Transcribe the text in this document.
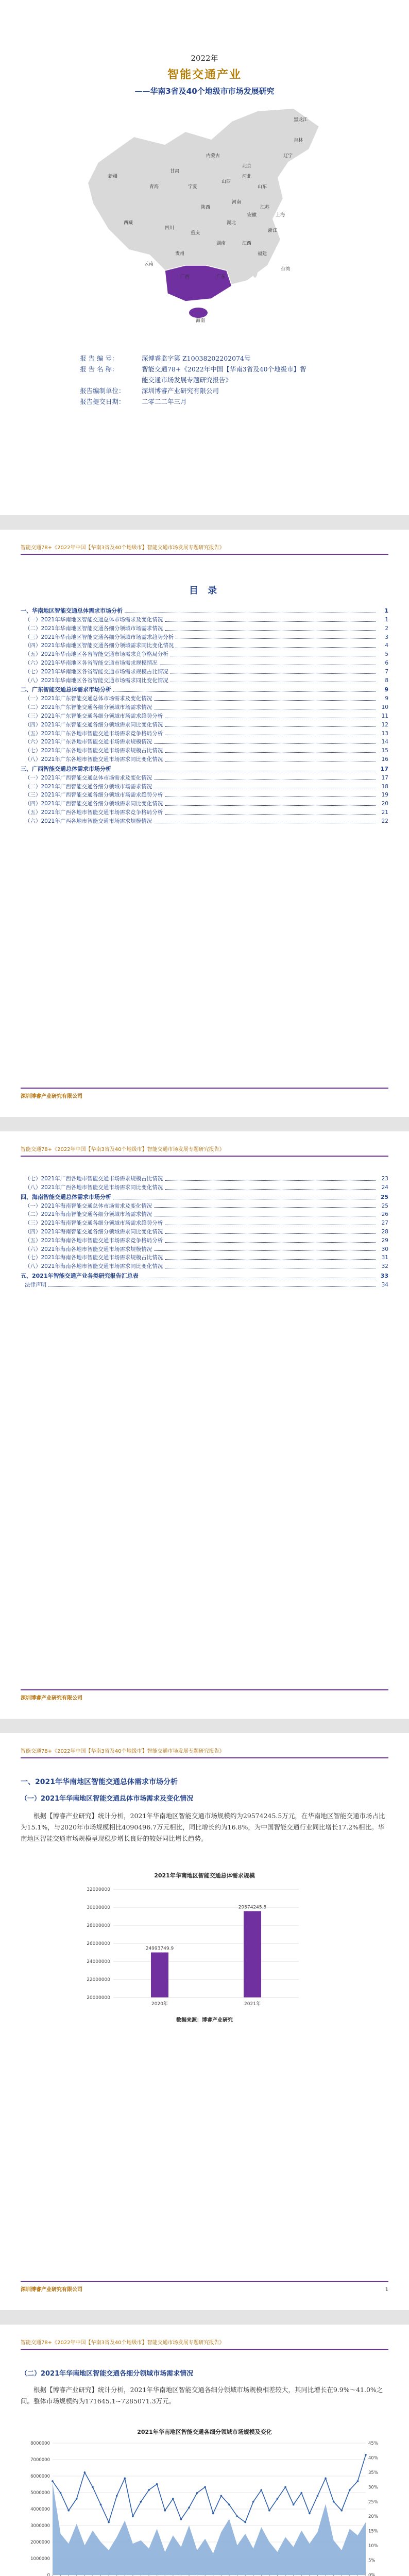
2022年
智能交通产业
——华南3省及40个地级市市场发展研究
新疆
西藏
青海
四川
甘肃
内蒙古
黑龙江
吉林
辽宁
北京
河北
山东
河南
湖北
湖南	江西
浙江
福建
台湾
广东
广西
海南
云南
贵州
重庆
陕西
山西
宁夏
安徽
江苏
上海
报 告 编 号：	深博睿监字第 Z10038202202074号
报 告 名 称：	智能交通78+《2022年中国【华南3省及40个地级市】智能交通市场发展专题研究报告》
报告编制单位：	深圳博睿产业研究有限公司
报告提交日期：	二零二二年三月
智能交通78+《2022年中国【华南3省及40个地级市】智能交通市场发展专题研究报告》
目 录
一、华南地区智能交通总体需求市场分析	1
（一）2021年华南地区智能交通总体市场需求及变化情况	1
（二）2021年华南地区智能交通各细分领域市场需求情况	2
（三）2021年华南地区智能交通各细分领域市场需求趋势分析	3
（四）2021年华南地区智能交通各细分领域需求同比变化情况	4
（五）2021年华南地区各省智能交通市场需求竞争格局分析	5
（六）2021年华南地区各省智能交通市场需求规模情况	6
（七）2021年华南地区各省智能交通市场需求规模占比情况	7
（八）2021年华南地区各省智能交通市场需求同比变化情况	8
二、广东智能交通总体需求市场分析	9
（一）2021年广东智能交通总体市场需求及变化情况	9
（二）2021年广东智能交通各细分领域市场需求情况	10
（三）2021年广东智能交通各细分领域市场需求趋势分析	11
（四）2021年广东智能交通各细分领域需求同比变化情况	12
（五）2021年广东各地市智能交通市场需求竞争格局分析	13
（六）2021年广东各地市智能交通市场需求规模情况	14
（七）2021年广东各地市智能交通市场需求规模占比情况	15
（八）2021年广东各地市智能交通市场需求同比变化情况	16
三、广西智能交通总体需求市场分析	17
（一）2021年广西智能交通总体市场需求及变化情况	17
（二）2021年广西智能交通各细分领域市场需求情况	18
（三）2021年广西智能交通各细分领域市场需求趋势分析	19
（四）2021年广西智能交通各细分领域需求同比变化情况	20
（五）2021年广西各地市智能交通市场需求竞争格局分析	21
（六）2021年广西各地市智能交通市场需求规模情况	22
深圳博睿产业研究有限公司
智能交通78+《2022年中国【华南3省及40个地级市】智能交通市场发展专题研究报告》
（七）2021年广西各地市智能交通市场需求规模占比情况	23
（八）2021年广西各地市智能交通市场需求同比变化情况	24
四、海南智能交通总体需求市场分析	25
（一）2021年海南智能交通总体市场需求及变化情况	25
（二）2021年海南智能交通各细分领域市场需求情况	26
（三）2021年海南智能交通各细分领域市场需求趋势分析	27
（四）2021年海南智能交通各细分领域需求同比变化情况	28
（五）2021年海南各地市智能交通市场需求竞争格局分析	29
（六）2021年海南各地市智能交通市场需求规模情况	30
（七）2021年海南各地市智能交通市场需求规模占比情况	31
（八）2021年海南各地市智能交通市场需求同比变化情况	32
五、2021年智能交通产业各类研究报告汇总表	33
法律声明	34
深圳博睿产业研究有限公司
智能交通78+《2022年中国【华南3省及40个地级市】智能交通市场发展专题研究报告》
一、2021年华南地区智能交通总体需求市场分析
（一）2021年华南地区智能交通总体市场需求及变化情况
根据【博睿产业研究】统计分析，2021年华南地区智能交通市场规模约为29574245.5万元，在华南地区智能交通市场占比为15.1%，与2020年市场规模相比4090496.7万元相比，同比增长约为16.8%，为中国智能交通行业同比增长17.2%相比。华南地区智能交通市场规模呈现稳步增长良好的较好同比增长趋势。
2021年华南地区智能交通总体需求规模
32000000
30000000
28000000
26000000
24000000
22000000
20000000
24993749.9
2020年
29574245.5
2021年
数据来源：博睿产业研究
深圳博睿产业研究有限公司	1
智能交通78+《2022年中国【华南3省及40个地级市】智能交通市场发展专题研究报告》
（二）2021年华南地区智能交通各细分领域市场需求情况
根据【博睿产业研究】统计分析，2021年华南地区智能交通各细分领域市场规模相差较大，其同比增长在9.9%～41.0%之间。整体市场规模约为171645.1~7285071.3万元。
2021年华南地区智能交通各细分领域市场规模及变化
8000000
7000000
6000000
5000000
4000000
3000000
2000000
1000000
0
45%
40%
35%
30%
25%
20%
15%
10%
5%
0%
